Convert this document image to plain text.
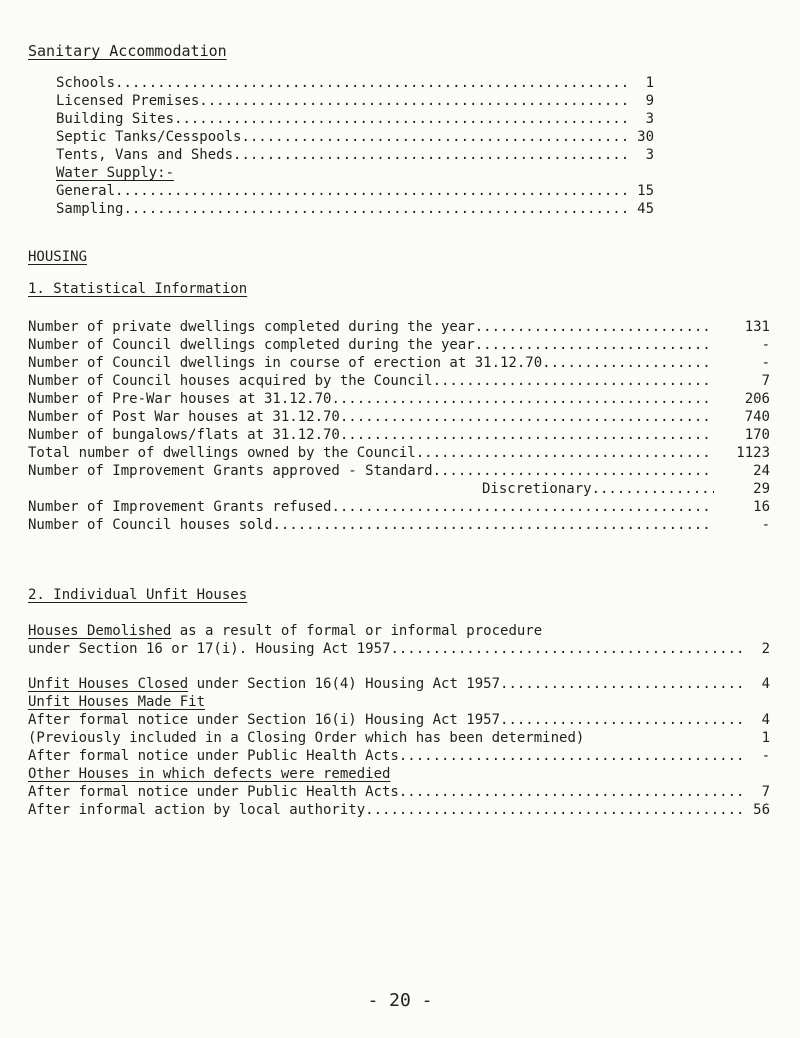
Sanitary Accommodation
Schools .....	1
Licensed Premises .....	9
Building Sites .....	3
Septic Tanks/Cesspools .....	30
Tents, Vans and Sheds .....	3
Water Supply:-
General .....	15
Sampling .....	45
HOUSING
1. Statistical Information
Number of private dwellings completed during the year .....	131
Number of Council dwellings completed during the year .....	-
Number of Council dwellings in course of erection at 31.12.70 .....	-
Number of Council houses acquired by the Council .....	7
Number of Pre-War houses at 31.12.70 .....	206
Number of Post War houses at 31.12.70 .....	740
Number of bungalows/flats at 31.12.70 .....	170
Total number of dwellings owned by the Council .....	1123
Number of Improvement Grants approved - Standard .....	24
Discretionary .....	29
Number of Improvement Grants refused .....	16
Number of Council houses sold .....	-
2. Individual Unfit Houses
Houses Demolished as a result of formal or informal procedure
under Section 16 or 17(i). Housing Act 1957 .....	2
Unfit Houses Closed under Section 16(4) Housing Act 1957 .....	4
Unfit Houses Made Fit
After formal notice under Section 16(i) Housing Act 1957 .....	4
(Previously included in a Closing Order which has been determined)	1
After formal notice under Public Health Acts .....	-
Other Houses in which defects were remedied
After formal notice under Public Health Acts .....	7
After informal action by local authority .....	56
- 20 -
